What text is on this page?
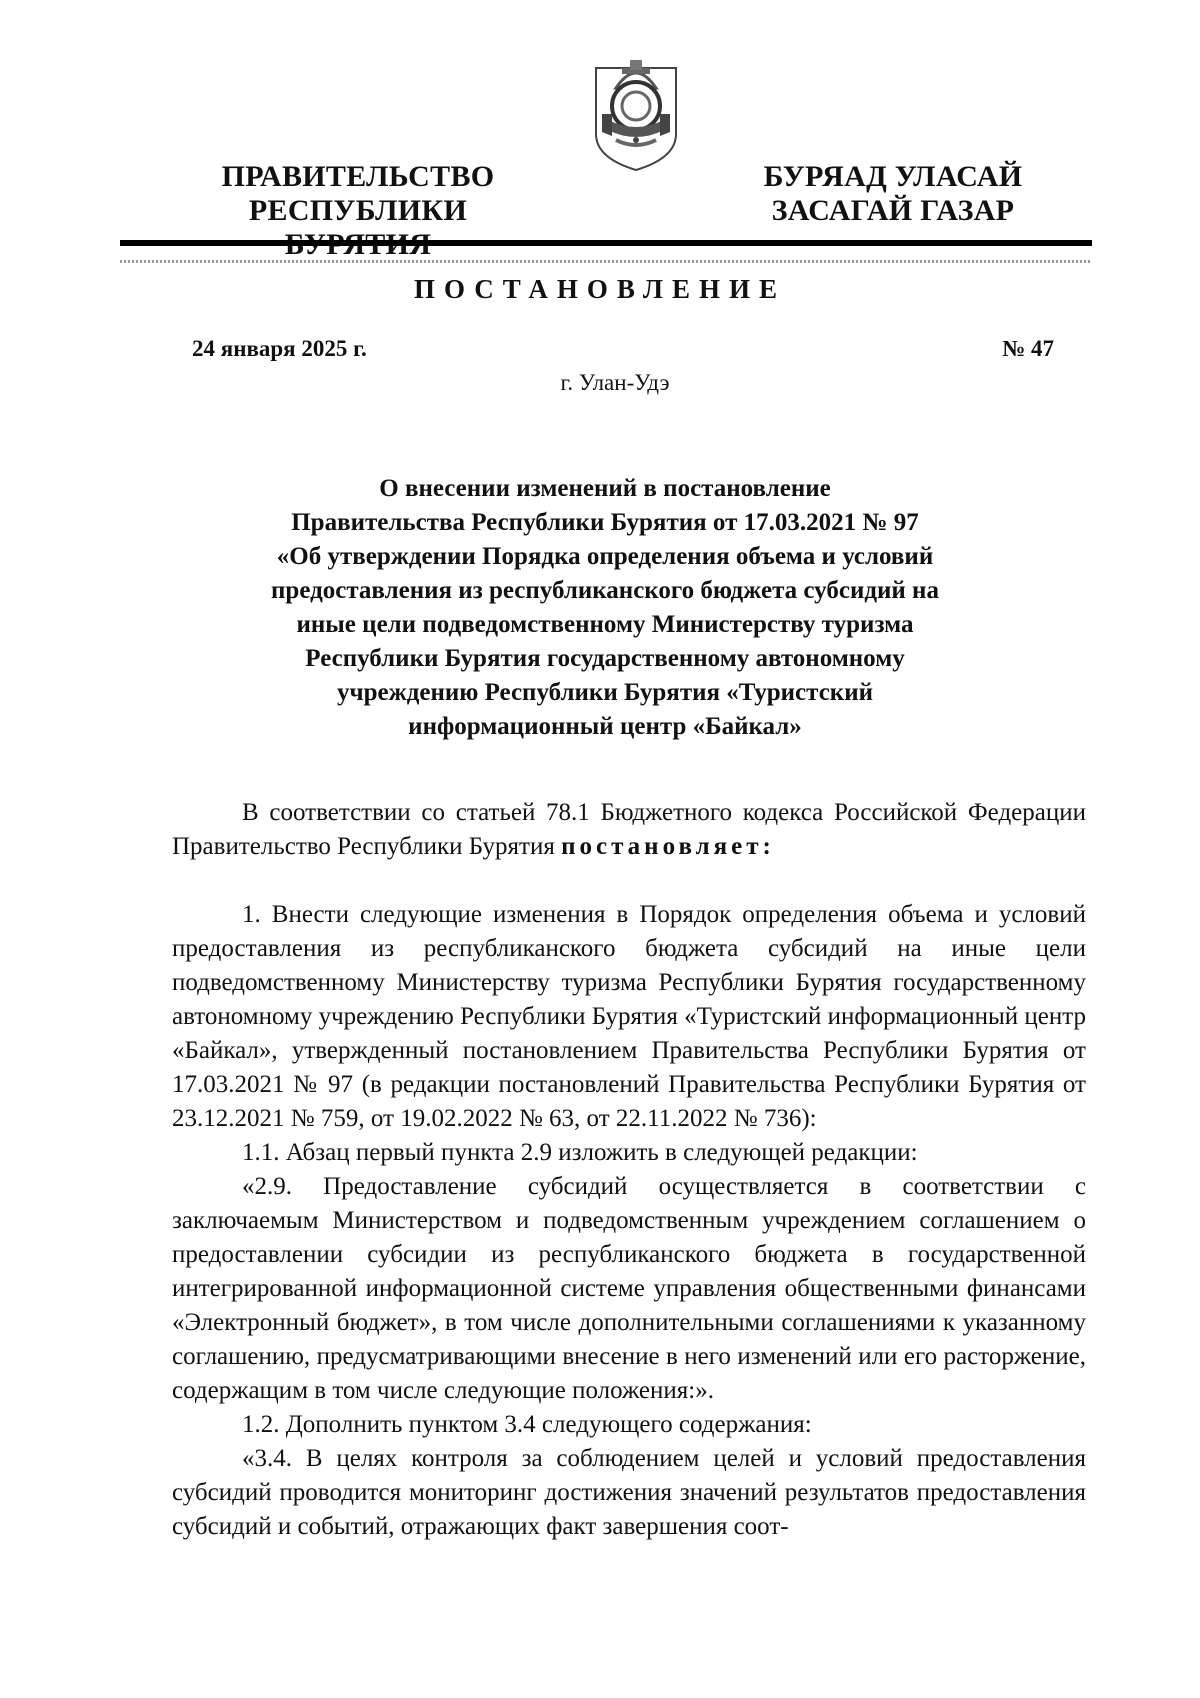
ПРАВИТЕЛЬСТВО
РЕСПУБЛИКИ
БУРЯАД УЛАСАЙ
ЗАСАГАЙ ГАЗАР
ПОСТАНОВЛЕНИЕ
24 января 2025 г.	№ 47
г. Улан-Удэ
О внесении изменений в постановление
Правительства Республики Бурятия от 17.03.2021 № 97
«Об утверждении Порядка определения объема и условий
предоставления из республиканского бюджета субсидий на
иные цели подведомственному Министерству туризма
Республики Бурятия государственному автономному
учреждению Республики Бурятия «Туристский
информационный центр «Байкал»

В соответствии со статьей 78.1 Бюджетного кодекса Российской Федерации Правительство Республики Бурятия постановляет:

1. Внести следующие изменения в Порядок определения объема и условий предоставления из республиканского бюджета субсидий на иные цели подведомственному Министерству туризма Республики Бурятия государственному автономному учреждению Республики Бурятия «Туристский информационный центр «Байкал», утвержденный постановлением Правительства Республики Бурятия от 17.03.2021 № 97 (в редакции постановлений Правительства Республики Бурятия от 23.12.2021 № 759, от 19.02.2022 № 63, от 22.11.2022 № 736):

1.1. Абзац первый пункта 2.9 изложить в следующей редакции:

«2.9. Предоставление субсидий осуществляется в соответствии с заключаемым Министерством и подведомственным учреждением соглашением о предоставлении субсидии из республиканского бюджета в государственной интегрированной информационной системе управления общественными финансами «Электронный бюджет», в том числе дополнительными соглашениями к указанному соглашению, предусматривающими внесение в него изменений или его расторжение, содержащим в том числе следующие положения:».

1.2. Дополнить пунктом 3.4 следующего содержания:

«3.4. В целях контроля за соблюдением целей и условий предоставления субсидий проводится мониторинг достижения значений результатов предоставления субсидий и событий, отражающих факт завершения соот-
